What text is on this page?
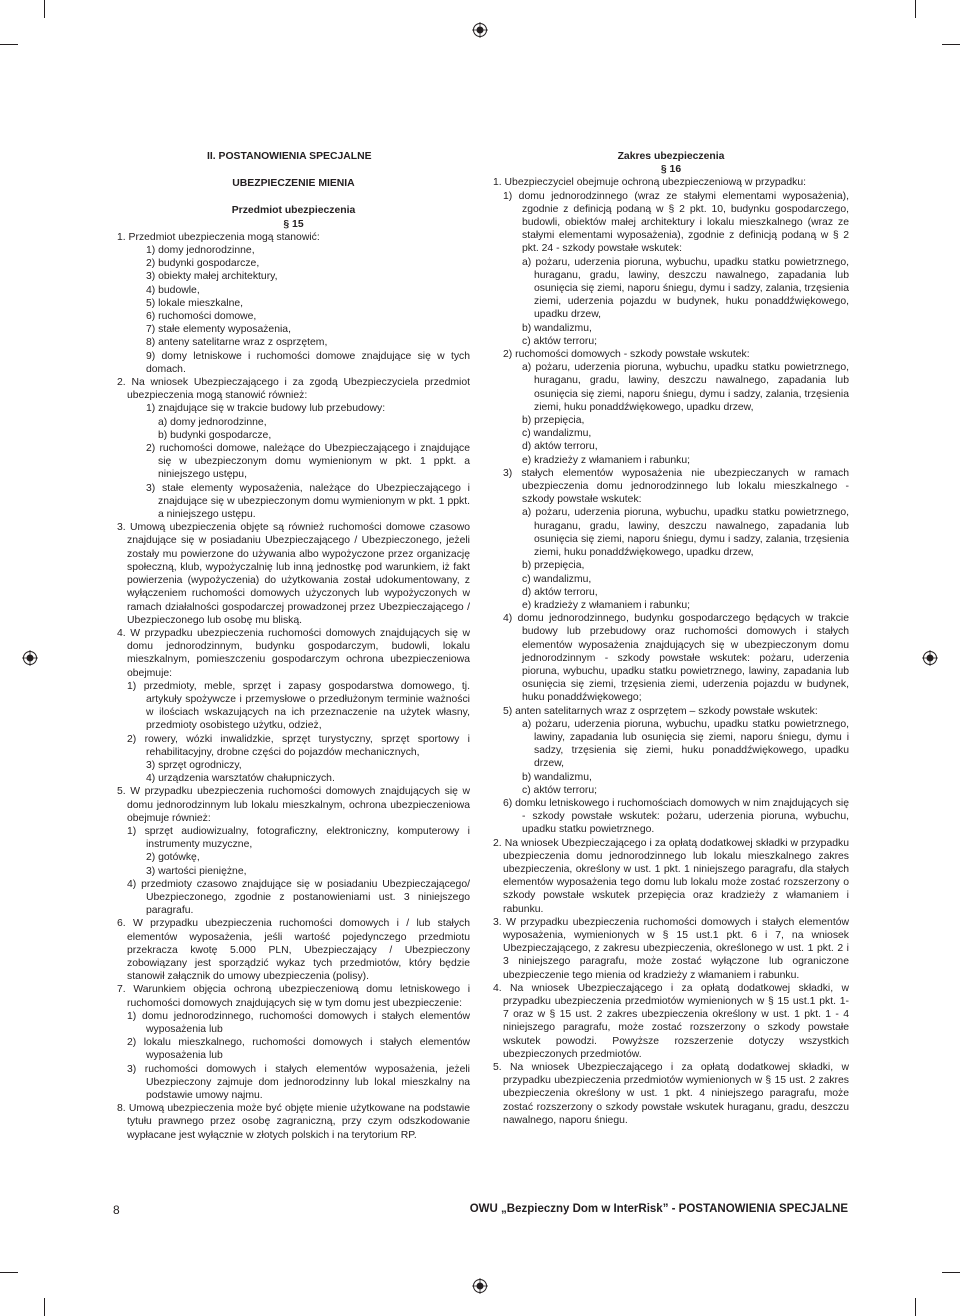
II. POSTANOWIENIA SPECJALNE
UBEZPIECZENIE MIENIA
Przedmiot ubezpieczenia
§ 15
1. Przedmiot ubezpieczenia mogą stanowić:
1) domy jednorodzinne,
2) budynki gospodarcze,
3) obiekty małej architektury,
4) budowle,
5) lokale mieszkalne,
6) ruchomości domowe,
7) stałe elementy wyposażenia,
8) anteny satelitarne wraz z osprzętem,
9) domy letniskowe i ruchomości domowe znajdujące się w tych domach.
2. Na wniosek Ubezpieczającego i za zgodą Ubezpieczyciela przedmiot ubezpieczenia mogą stanowić również:
1) znajdujące się w trakcie budowy lub przebudowy:
a) domy jednorodzinne,
b) budynki gospodarcze,
2) ruchomości domowe, należące do Ubezpieczającego i znajdujące się w ubezpieczonym domu wymienionym w pkt. 1 ppkt. a niniejszego ustępu,
3) stałe elementy wyposażenia, należące do Ubezpieczającego i znajdujące się w ubezpieczonym domu wymienionym w pkt. 1 ppkt. a niniejszego ustępu.
3. Umową ubezpieczenia objęte są również ruchomości domowe czasowo znajdujące się w posiadaniu Ubezpieczającego / Ubezpieczonego, jeżeli zostały mu powierzone do używania albo wypożyczone przez organizację społeczną, klub, wypożyczalnię lub inną jednostkę pod warunkiem, iż fakt powierzenia (wypożyczenia) do użytkowania został udokumentowany, z wyłączeniem ruchomości domowych użyczonych lub wypożyczonych w ramach działalności gospodarczej prowadzonej przez Ubezpieczającego / Ubezpieczonego lub osobę mu bliską.
4. W przypadku ubezpieczenia ruchomości domowych znajdujących się w domu jednorodzinnym, budynku gospodarczym, budowli, lokalu mieszkalnym, pomieszczeniu gospodarczym ochrona ubezpieczeniowa obejmuje:
1) przedmioty, meble, sprzęt i zapasy gospodarstwa domowego, tj. artykuły spożywcze i przemysłowe o przedłużonym terminie ważności w ilościach wskazujących na ich przeznaczenie na użytek własny, przedmioty osobistego użytku, odzież,
2) rowery, wózki inwalidzkie, sprzęt turystyczny, sprzęt sportowy i rehabilitacyjny, drobne części do pojazdów mechanicznych,
3) sprzęt ogrodniczy,
4) urządzenia warsztatów chałupniczych.
5. W przypadku ubezpieczenia ruchomości domowych znajdujących się w domu jednorodzinnym lub lokalu mieszkalnym, ochrona ubezpieczeniowa obejmuje również:
1) sprzęt audiowizualny, fotograficzny, elektroniczny, komputerowy i instrumenty muzyczne,
2) gotówkę,
3) wartości pieniężne,
4) przedmioty czasowo znajdujące się w posiadaniu Ubezpieczającego/ Ubezpieczonego, zgodnie z postanowieniami ust. 3 niniejszego paragrafu.
6. W przypadku ubezpieczenia ruchomości domowych i / lub stałych elementów wyposażenia, jeśli wartość pojedynczego przedmiotu przekracza kwotę 5.000 PLN, Ubezpieczający / Ubezpieczony zobowiązany jest sporządzić wykaz tych przedmiotów, który będzie stanowił załącznik do umowy ubezpieczenia (polisy).
7. Warunkiem objęcia ochroną ubezpieczeniową domu letniskowego i ruchomości domowych znajdujących się w tym domu jest ubezpieczenie:
1) domu jednorodzinnego, ruchomości domowych i stałych elementów wyposażenia lub
2) lokalu mieszkalnego, ruchomości domowych i stałych elementów wyposażenia lub
3) ruchomości domowych i stałych elementów wyposażenia, jeżeli Ubezpieczony zajmuje dom jednorodzinny lub lokal mieszkalny na podstawie umowy najmu.
8. Umową ubezpieczenia może być objęte mienie użytkowane na podstawie tytułu prawnego przez osobę zagraniczną, przy czym odszkodowanie wypłacane jest wyłącznie w złotych polskich i na terytorium RP.
Zakres ubezpieczenia
§ 16
1. Ubezpieczyciel obejmuje ochroną ubezpieczeniową w przypadku:
1) domu jednorodzinnego (wraz ze stałymi elementami wyposażenia), zgodnie z definicją podaną w § 2 pkt. 10, budynku gospodarczego, budowli, obiektów małej architektury i lokalu mieszkalnego (wraz ze stałymi elementami wyposażenia), zgodnie z definicją podaną w § 2 pkt. 24 - szkody powstałe wskutek:
a) pożaru, uderzenia pioruna, wybuchu, upadku statku powietrznego, huraganu, gradu, lawiny, deszczu nawalnego, zapadania lub osunięcia się ziemi, naporu śniegu, dymu i sadzy, zalania, trzęsienia ziemi, uderzenia pojazdu w budynek, huku ponaddźwiękowego, upadku drzew,
b) wandalizmu,
c) aktów terroru;
2) ruchomości domowych - szkody powstałe wskutek:
a) pożaru, uderzenia pioruna, wybuchu, upadku statku powietrznego, huraganu, gradu, lawiny, deszczu nawalnego, zapadania lub osunięcia się ziemi, naporu śniegu, dymu i sadzy, zalania, trzęsienia ziemi, huku ponaddźwiękowego, upadku drzew,
b) przepięcia,
c) wandalizmu,
d) aktów terroru,
e) kradzieży z włamaniem i rabunku;
3) stałych elementów wyposażenia nie ubezpieczanych w ramach ubezpieczenia domu jednorodzinnego lub lokalu mieszkalnego - szkody powstałe wskutek:
a) pożaru, uderzenia pioruna, wybuchu, upadku statku powietrznego, huraganu, gradu, lawiny, deszczu nawalnego, zapadania lub osunięcia się ziemi, naporu śniegu, dymu i sadzy, zalania, trzęsienia ziemi, huku ponaddźwiękowego, upadku drzew,
b) przepięcia,
c) wandalizmu,
d) aktów terroru,
e) kradzieży z włamaniem i rabunku;
4) domu jednorodzinnego, budynku gospodarczego będących w trakcie budowy lub przebudowy oraz ruchomości domowych i stałych elementów wyposażenia znajdujących się w ubezpieczonym domu jednorodzinnym - szkody powstałe wskutek: pożaru, uderzenia pioruna, wybuchu, upadku statku powietrznego, lawiny, zapadania lub osunięcia się ziemi, trzęsienia ziemi, uderzenia pojazdu w budynek, huku ponaddźwiękowego;
5) anten satelitarnych wraz z osprzętem – szkody powstałe wskutek:
a) pożaru, uderzenia pioruna, wybuchu, upadku statku powietrznego, lawiny, zapadania lub osunięcia się ziemi, naporu śniegu, dymu i sadzy, trzęsienia się ziemi, huku ponaddźwiękowego, upadku drzew,
b) wandalizmu,
c) aktów terroru;
6) domku letniskowego i ruchomościach domowych w nim znajdujących się - szkody powstałe wskutek: pożaru, uderzenia pioruna, wybuchu, upadku statku powietrznego.
2. Na wniosek Ubezpieczającego i za opłatą dodatkowej składki w przypadku ubezpieczenia domu jednorodzinnego lub lokalu mieszkalnego zakres ubezpieczenia, określony w ust. 1 pkt. 1 niniejszego paragrafu, dla stałych elementów wyposażenia tego domu lub lokalu może zostać rozszerzony o szkody powstałe wskutek przepięcia oraz kradzieży z włamaniem i rabunku.
3. W przypadku ubezpieczenia ruchomości domowych i stałych elementów wyposażenia, wymienionych w § 15 ust.1 pkt. 6 i 7, na wniosek Ubezpieczającego, z zakresu ubezpieczenia, określonego w ust. 1 pkt. 2 i 3 niniejszego paragrafu, może zostać wyłączone lub ograniczone ubezpieczenie tego mienia od kradzieży z włamaniem i rabunku.
4. Na wniosek Ubezpieczającego i za opłatą dodatkowej składki, w przypadku ubezpieczenia przedmiotów wymienionych w § 15 ust.1 pkt. 1- 7 oraz w § 15 ust. 2 zakres ubezpieczenia określony w ust. 1 pkt. 1 - 4 niniejszego paragrafu, może zostać rozszerzony o szkody powstałe wskutek powodzi. Powyższe rozszerzenie dotyczy wszystkich ubezpieczonych przedmiotów.
5. Na wniosek Ubezpieczającego i za opłatą dodatkowej składki, w przypadku ubezpieczenia przedmiotów wymienionych w § 15 ust. 2 zakres ubezpieczenia określony w ust. 1 pkt. 4 niniejszego paragrafu, może zostać rozszerzony o szkody powstałe wskutek huraganu, gradu, deszczu nawalnego, naporu śniegu.
8	OWU „Bezpieczny Dom w InterRisk” - POSTANOWIENIA SPECJALNE
